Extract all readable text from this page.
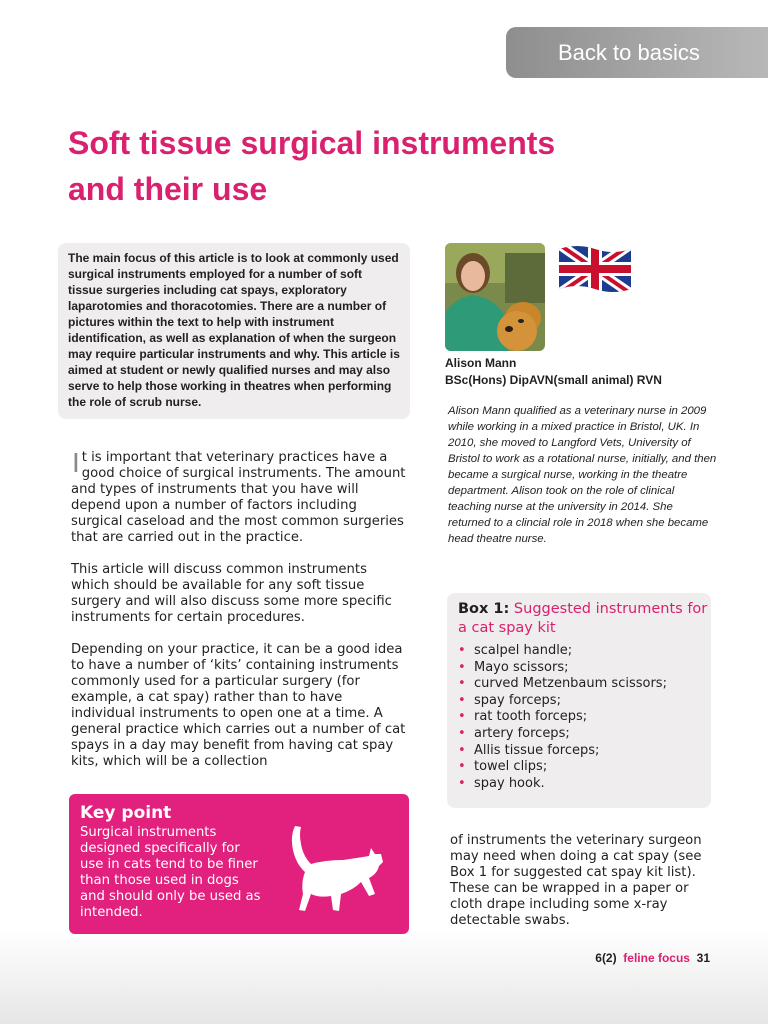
Back to basics
Soft tissue surgical instruments
and their use
The main focus of this article is to look at commonly used surgical instruments employed for a number of soft tissue surgeries including cat spays, exploratory laparotomies and thoracotomies. There are a number of pictures within the text to help with instrument identification, as well as explanation of when the surgeon may require particular instruments and why. This article is aimed at student or newly qualified nurses and may also serve to help those working in theatres when performing the role of scrub nurse.

It is important that veterinary practices have a good choice of surgical instruments. The amount and types of instruments that you have will depend upon a number of factors including surgical caseload and the most common surgeries that are carried out in the practice.

This article will discuss common instruments which should be available for any soft tissue surgery and will also discuss some more specific instruments for certain procedures.

Depending on your practice, it can be a good idea to have a number of ‘kits’ containing instruments commonly used for a particular surgery (for example, a cat spay) rather than to have individual instruments to open one at a time. A general practice which carries out a number of cat spays in a day may benefit from having cat spay kits, which will be a collection

Alison Mann
BSc(Hons) DipAVN(small animal) RVN

Alison Mann qualified as a veterinary nurse in 2009 while working in a mixed practice in Bristol, UK. In 2010, she moved to Langford Vets, University of Bristol to work as a rotational nurse, initially, and then became a surgical nurse, working in the theatre department. Alison took on the role of clinical teaching nurse at the university in 2014. She returned to a clincial role in 2018 when she became head theatre nurse.

Box 1: Suggested instruments for a cat spay kit

• scalpel handle;
• Mayo scissors;
• curved Metzenbaum scissors;
• spay forceps;
• rat tooth forceps;
• artery forceps;
• Allis tissue forceps;
• towel clips;
• spay hook.
Key point

Surgical instruments designed specifically for use in cats tend to be finer than those used in dogs and should only be used as intended.

of instruments the veterinary surgeon may need when doing a cat spay (see Box 1 for suggested cat spay kit list). These can be wrapped in a paper or cloth drape including some x-ray detectable swabs.

6(2) feline focus 31
